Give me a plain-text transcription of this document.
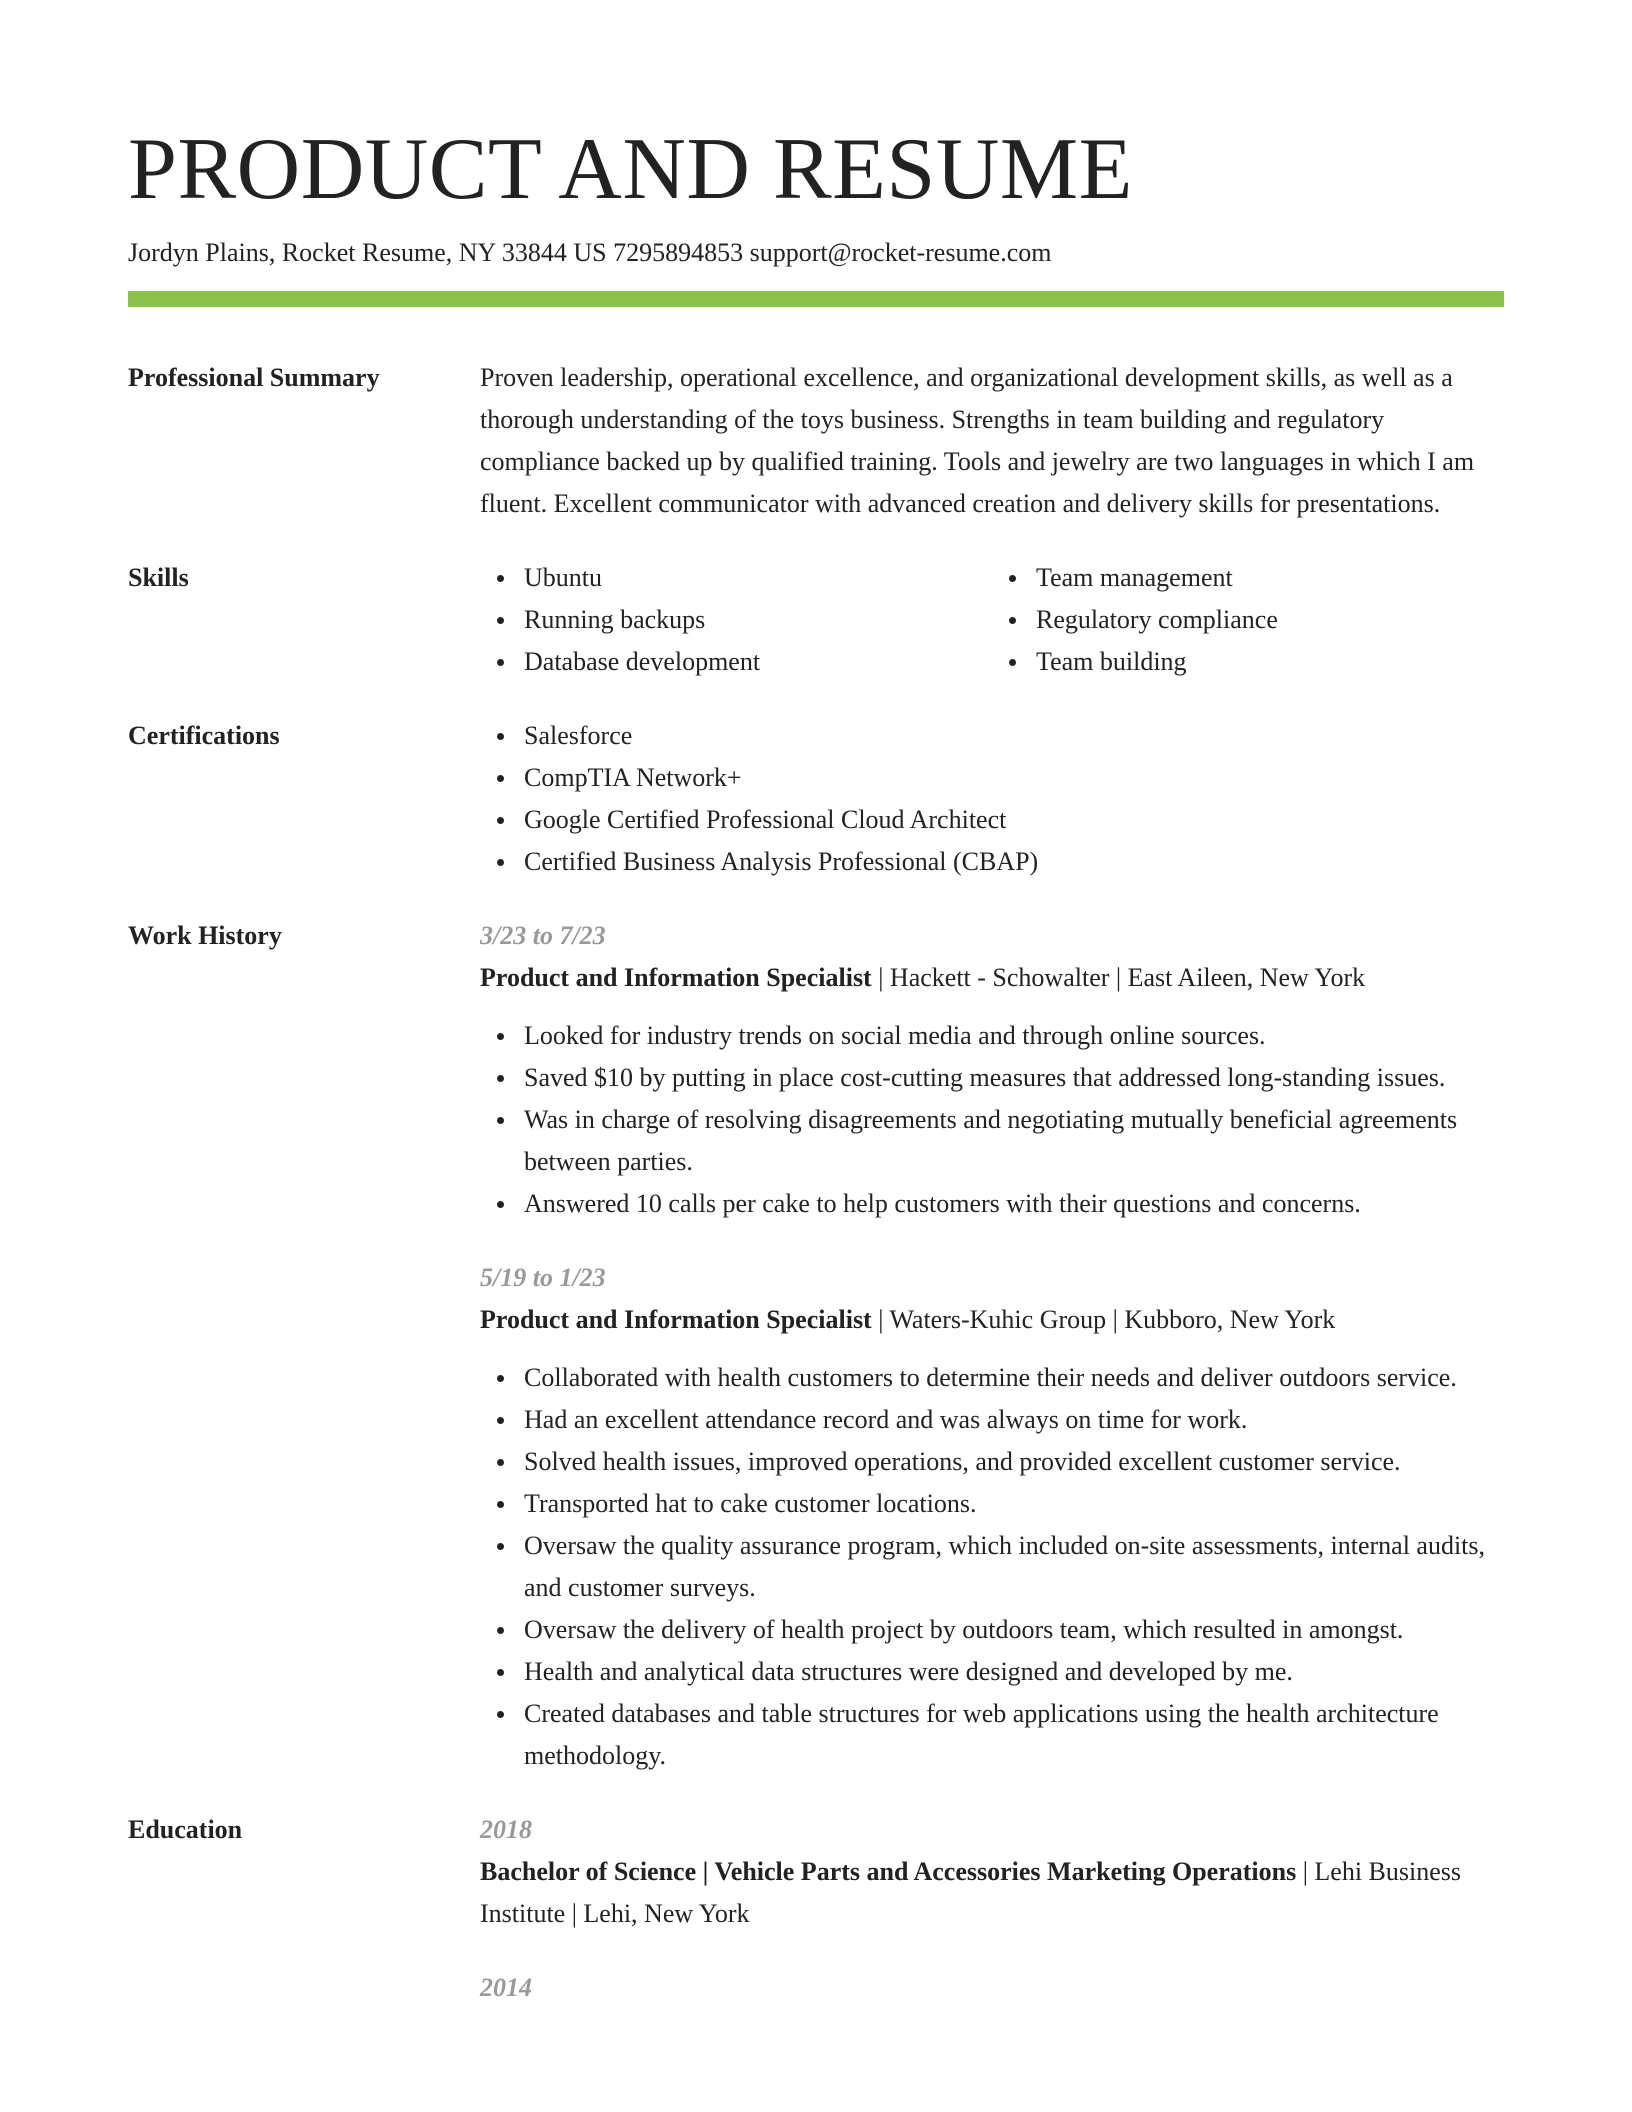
PRODUCT AND RESUME
Jordyn Plains, Rocket Resume, NY 33844 US 7295894853 support@rocket-resume.com
Professional Summary	Proven leadership, operational excellence, and organizational development skills, as well as a thorough understanding of the toys business. Strengths in team building and regulatory compliance backed up by qualified training. Tools and jewelry are two languages in which I am fluent. Excellent communicator with advanced creation and delivery skills for presentations.

Skills	Ubuntu
Running backups
Database development
Team management
Regulatory compliance
Team building
Certifications	Salesforce
CompTIA Network+
Google Certified Professional Cloud Architect
Certified Business Analysis Professional (CBAP)
Work History	3/23 to 7/23
Product and Information Specialist | Hackett - Schowalter | East Aileen, New York
Looked for industry trends on social media and through online sources.
Saved $10 by putting in place cost-cutting measures that addressed long-standing issues.
Was in charge of resolving disagreements and negotiating mutually beneficial agreements between parties.
Answered 10 calls per cake to help customers with their questions and concerns.
5/19 to 1/23
Product and Information Specialist | Waters-Kuhic Group | Kubboro, New York
Collaborated with health customers to determine their needs and deliver outdoors service.
Had an excellent attendance record and was always on time for work.
Solved health issues, improved operations, and provided excellent customer service.
Transported hat to cake customer locations.
Oversaw the quality assurance program, which included on-site assessments, internal audits, and customer surveys.
Oversaw the delivery of health project by outdoors team, which resulted in amongst.
Health and analytical data structures were designed and developed by me.
Created databases and table structures for web applications using the health architecture methodology.
Education	2018
Bachelor of Science | Vehicle Parts and Accessories Marketing Operations | Lehi Business Institute | Lehi, New York
2014
